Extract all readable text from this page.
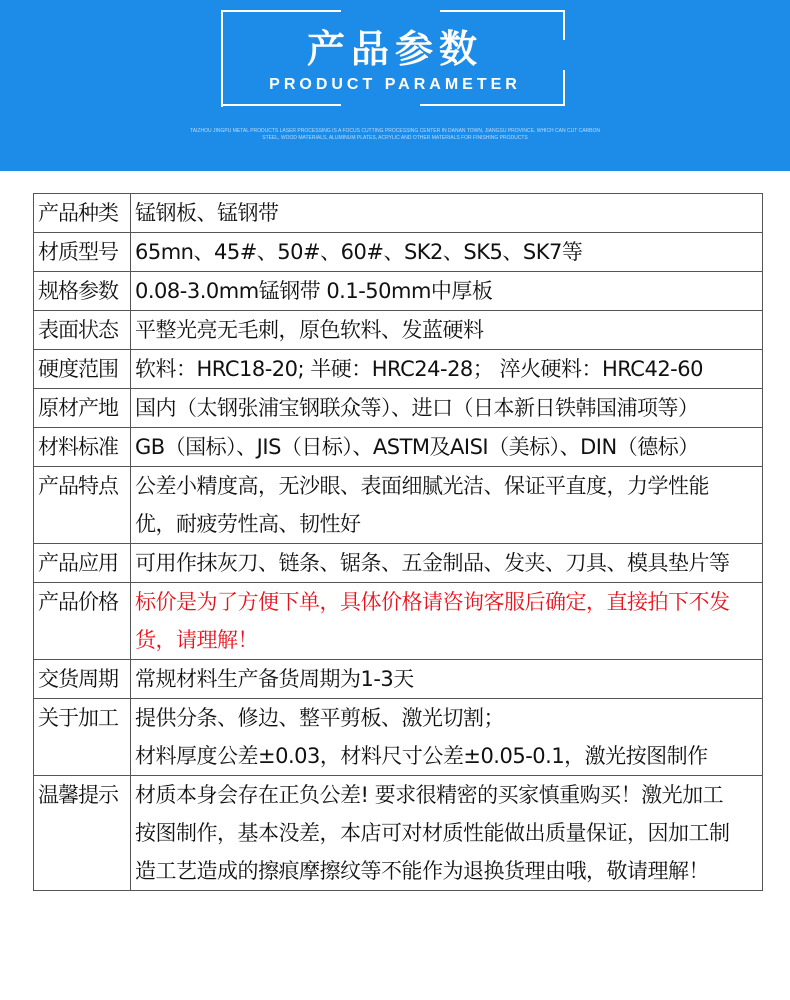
产品参数
PRODUCT PARAMETER
TAIZHOU JINGPU METAL PRODUCTS LASER PROCESSING IS A FOCUS CUTTING PROCESSING CENTER IN DANAN TOWN, JIANGSU PROVINCE, WHICH CAN CUT CARBON STEEL, WOOD MATERIALS, ALUMINUM PLATES, ACRYLIC AND OTHER MATERIALS FOR FINISHING PRODUCTS
产品种类	锰钢板、锰钢带

材质型号	65mn、45#、50#、60#、SK2、SK5、SK7等

规格参数	0.08-3.0mm锰钢带 0.1-50mm中厚板

表面状态	平整光亮无毛刺，原色软料、发蓝硬料

硬度范围	软料：HRC18-20; 半硬：HRC24-28； 淬火硬料：HRC42-60

原材产地	国内（太钢张浦宝钢联众等）、进口（日本新日铁韩国浦项等）

材料标准	GB（国标）、JIS（日标）、ASTM及AISI（美标）、DIN（德标）

产品特点	公差小精度高，无沙眼、表面细腻光洁、保证平直度，力学性能
优，耐疲劳性高、韧性好

产品应用	可用作抹灰刀、链条、锯条、五金制品、发夹、刀具、模具垫片等

产品价格	标价是为了方便下单，具体价格请咨询客服后确定，直接拍下不发
货，请理解！

交货周期	常规材料生产备货周期为1-3天

关于加工	提供分条、修边、整平剪板、激光切割；
材料厚度公差±0.03，材料尺寸公差±0.05-0.1，激光按图制作

温馨提示	材质本身会存在正负公差! 要求很精密的买家慎重购买！激光加工
按图制作，基本没差，本店可对材质性能做出质量保证，因加工制
造工艺造成的擦痕摩擦纹等不能作为退换货理由哦，敬请理解！
